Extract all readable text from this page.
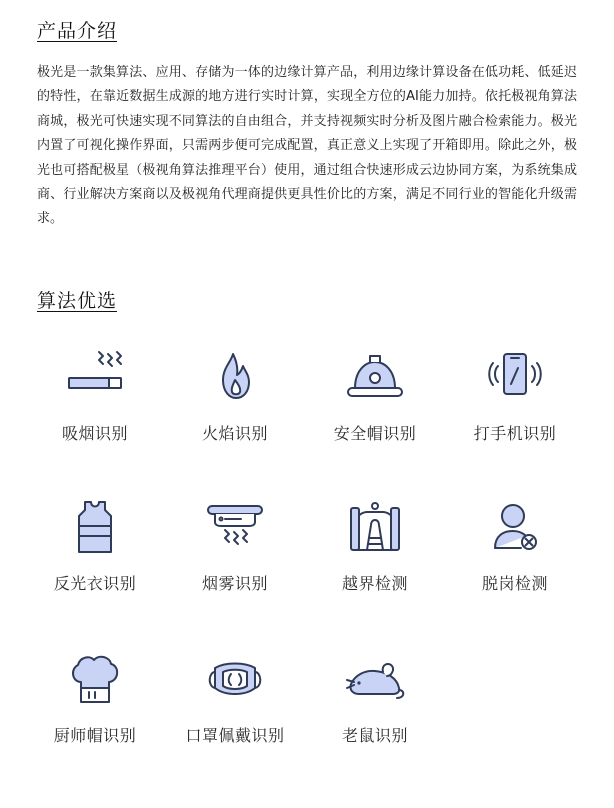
产品介绍

极光是一款集算法、应用、存储为一体的边缘计算产品，利用边缘计算设备在低功耗、低延迟的特性，在靠近数据生成源的地方进行实时计算，实现全方位的AI能力加持。依托极视角算法商城，极光可快速实现不同算法的自由组合，并支持视频实时分析及图片融合检索能力。极光内置了可视化操作界面，只需两步便可完成配置，真正意义上实现了开箱即用。除此之外，极光也可搭配极星（极视角算法推理平台）使用，通过组合快速形成云边协同方案，为系统集成商、行业解决方案商以及极视角代理商提供更具性价比的方案，满足不同行业的智能化升级需求。

算法优选
吸烟识别	火焰识别	安全帽识别	打手机识别
反光衣识别	烟雾识别	越界检测	脱岗检测
厨师帽识别	口罩佩戴识别	老鼠识别
